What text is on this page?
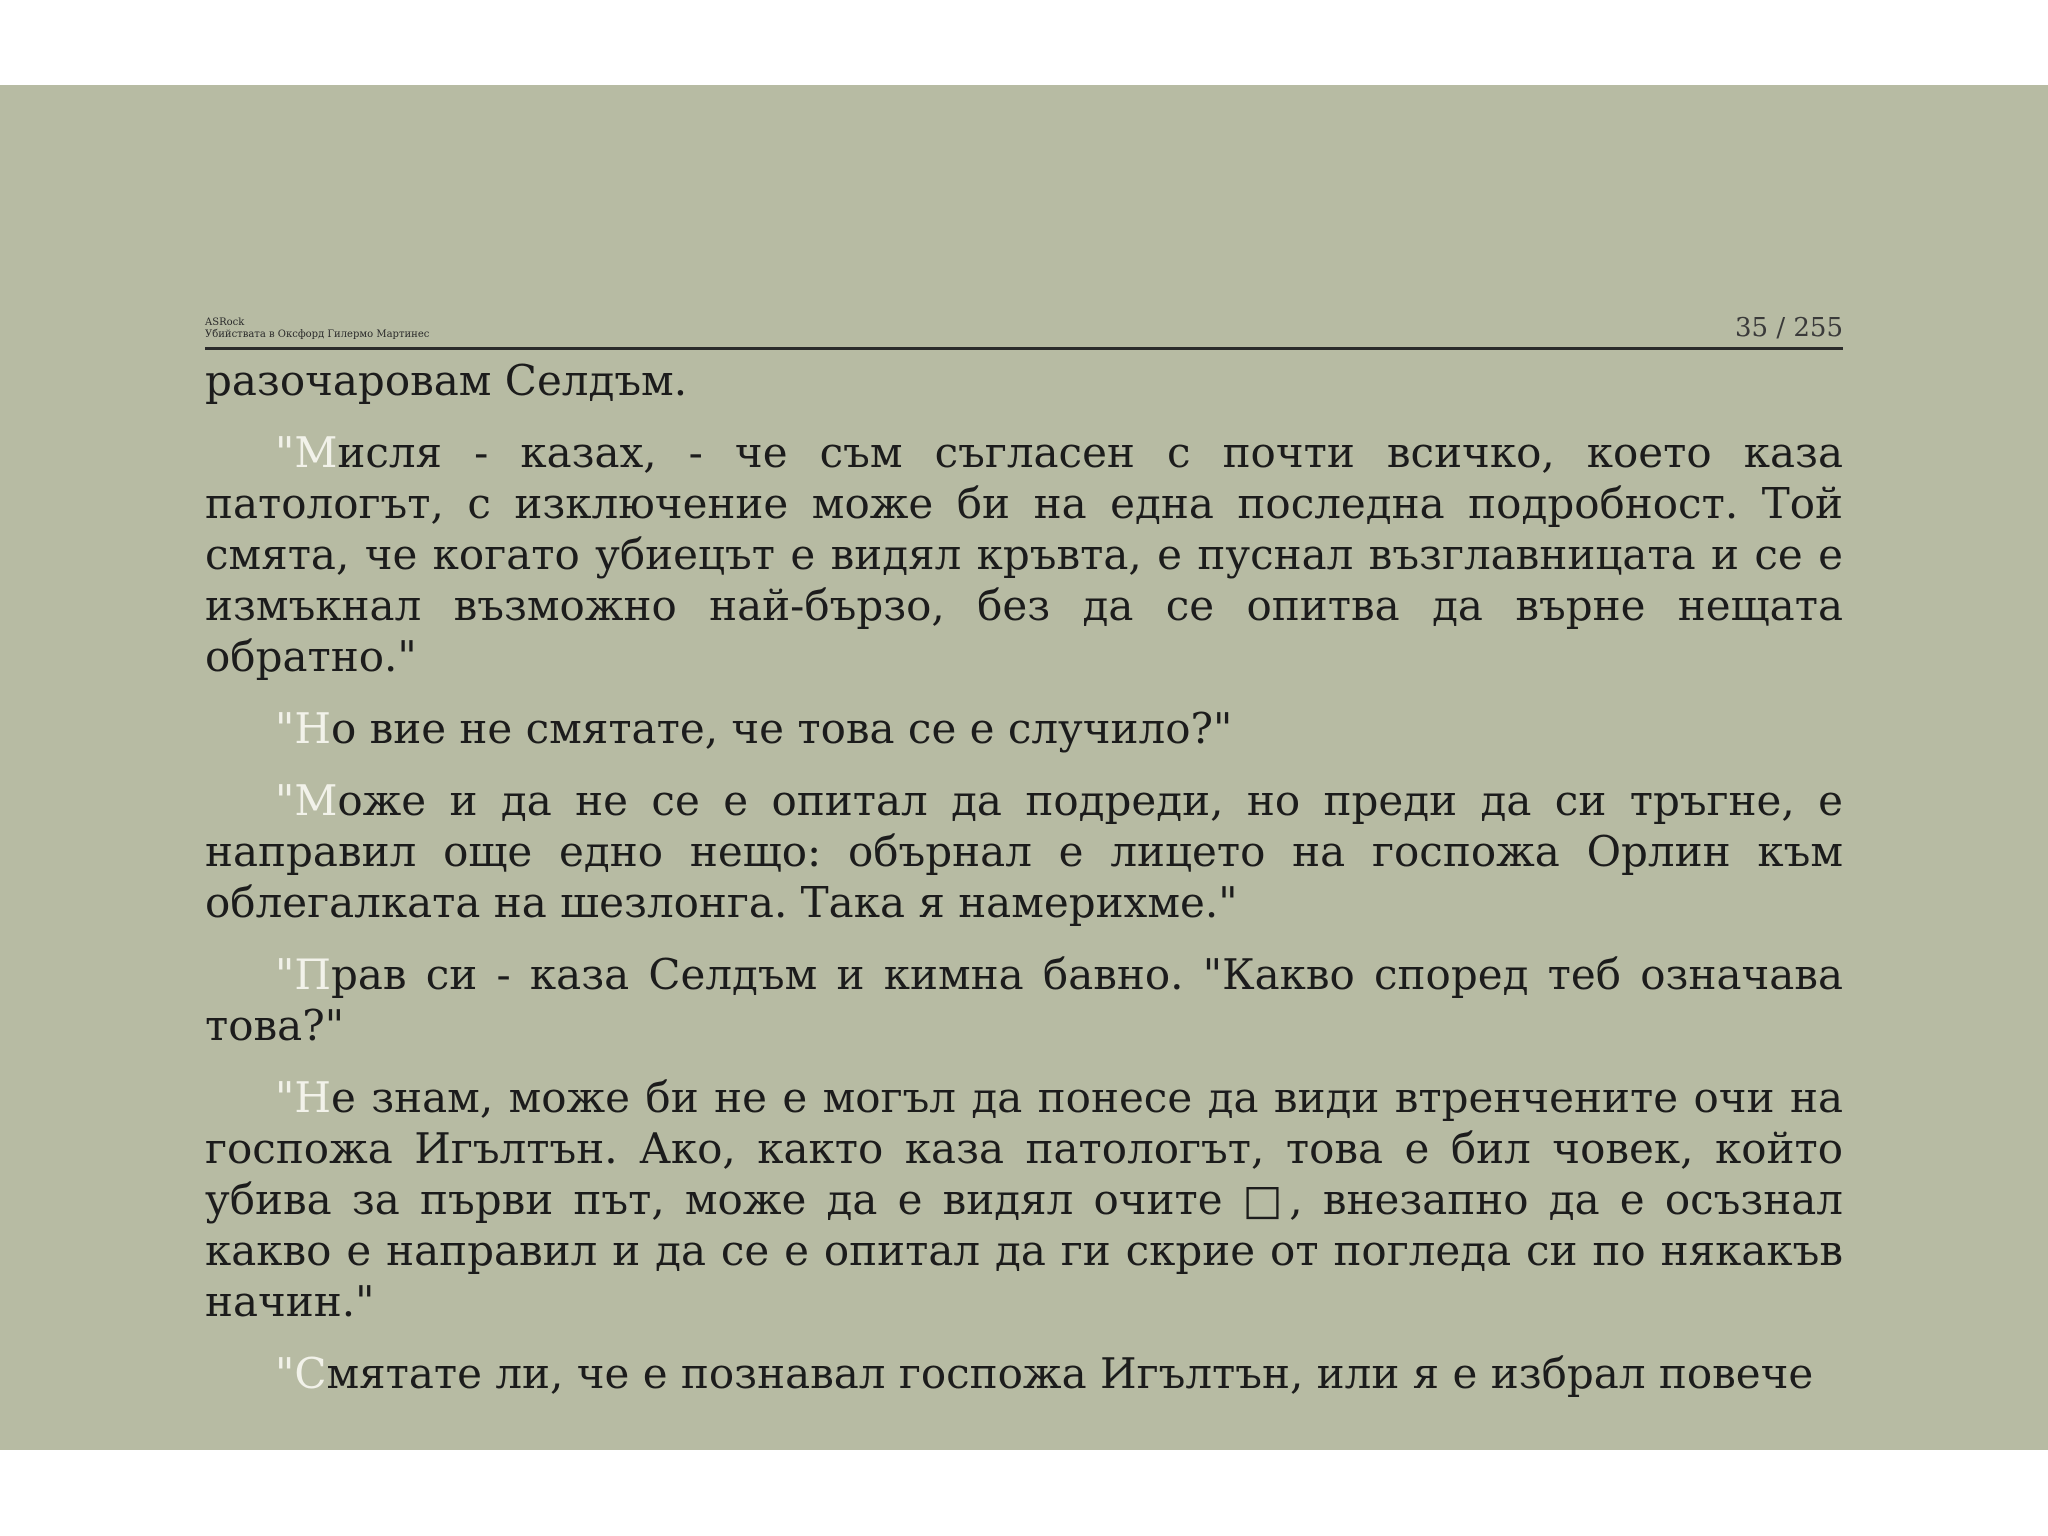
ASRock
Убийствата в Оксфорд Гилермо Мартинес	35 / 255

разочаровам Селдъм.

"Мисля - казах, - че съм съгласен с почти всичко, което каза патологът, с изключение може би на една последна подробност. Той смята, че когато убиецът е видял кръвта, е пуснал възглавницата и се е измъкнал възможно най-бързо, без да се опитва да върне нещата обратно."

"Но вие не смятате, че това се е случило?"

"Може и да не се е опитал да подреди, но преди да си тръгне, е направил още едно нещо: обърнал е лицето на госпожа Орлин към облегалката на шезлонга. Така я намерихме."

"Прав си - каза Селдъм и кимна бавно. "Какво според теб означава това?"

"Не знам, може би не е могъл да понесе да види втренчените очи на госпожа Игълтън. Ако, както каза патологът, това е бил човек, който убива за първи път, може да е видял очите □, внезапно да е осъзнал какво е направил и да се е опитал да ги скрие от погледа си по някакъв начин."

"Смятате ли, че е познавал госпожа Игълтън, или я е избрал повече
